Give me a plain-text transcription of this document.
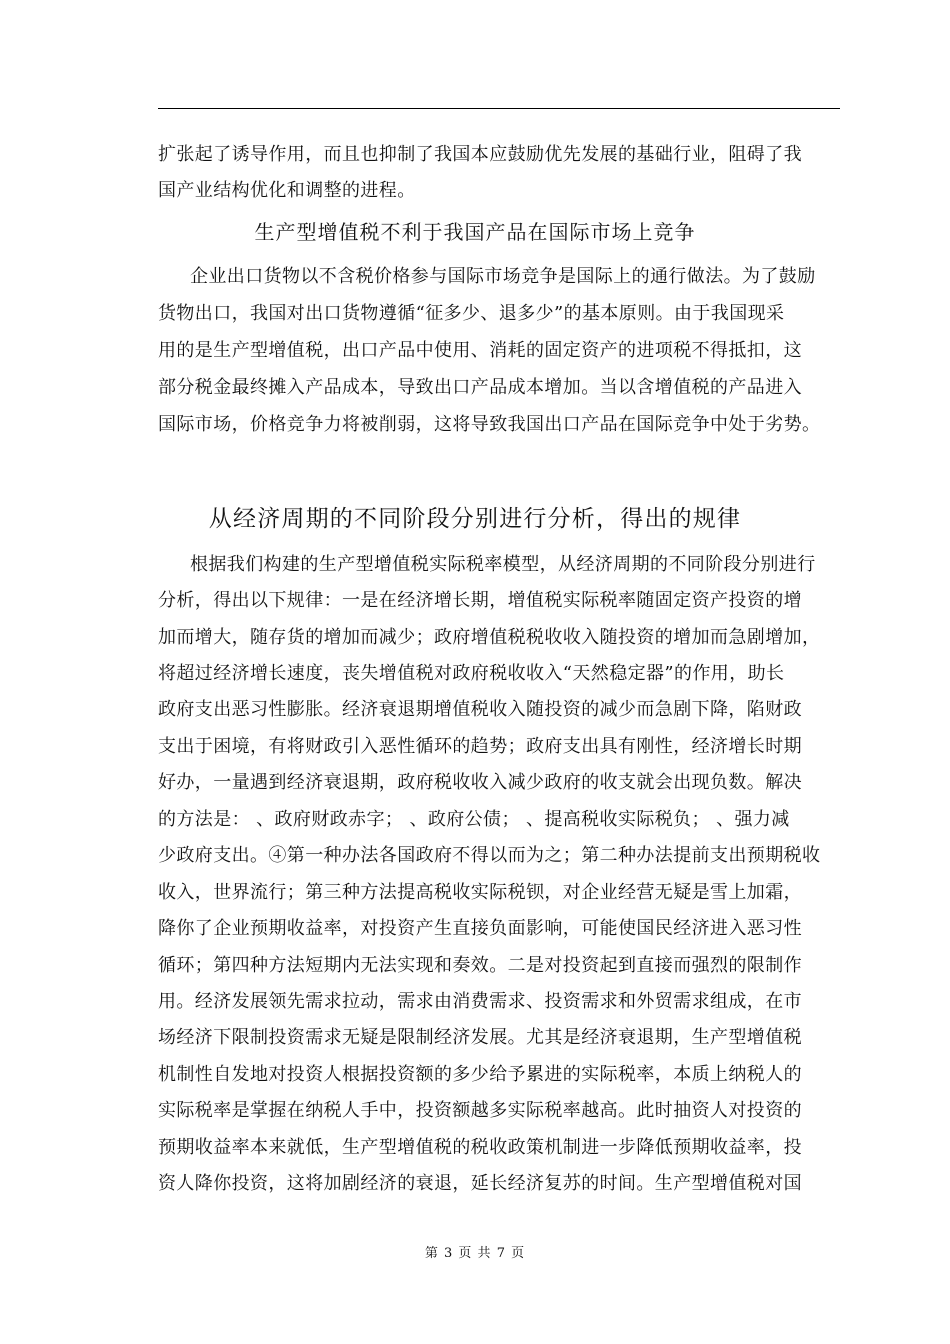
扩张起了诱导作用，而且也抑制了我国本应鼓励优先发展的基础行业，阻碍了我
国产业结构优化和调整的进程。
生产型增值税不利于我国产品在国际市场上竞争
企业出口货物以不含税价格参与国际市场竞争是国际上的通行做法。为了鼓励
货物出口，我国对出口货物遵循“征多少、退多少”的基本原则。由于我国现采
用的是生产型增值税，出口产品中使用、消耗的固定资产的进项税不得抵扣，这
部分税金最终摊入产品成本，导致出口产品成本增加。当以含增值税的产品进入
国际市场，价格竞争力将被削弱，这将导致我国出口产品在国际竞争中处于劣势。
从经济周期的不同阶段分别进行分析，得出的规律
根据我们构建的生产型增值税实际税率模型，从经济周期的不同阶段分别进行
分析，得出以下规律：一是在经济增长期，增值税实际税率随固定资产投资的增
加而增大，随存货的增加而减少；政府增值税税收收入随投资的增加而急剧增加，
将超过经济增长速度，丧失增值税对政府税收收入“天然稳定器”的作用，助长
政府支出恶习性膨胀。经济衰退期增值税收入随投资的减少而急剧下降，陷财政
支出于困境，有将财政引入恶性循环的趋势；政府支出具有刚性，经济增长时期
好办，一量遇到经济衰退期，政府税收收入减少政府的收支就会出现负数。解决
的方法是： 、政府财政赤字； 、政府公债； 、提高税收实际税负； 、强力减
少政府支出。④第一种办法各国政府不得以而为之；第二种办法提前支出预期税收
收入，世界流行；第三种方法提高税收实际税钡，对企业经营无疑是雪上加霜，
降你了企业预期收益率，对投资产生直接负面影响，可能使国民经济进入恶习性
循环；第四种方法短期内无法实现和奏效。二是对投资起到直接而强烈的限制作
用。经济发展领先需求拉动，需求由消费需求、投资需求和外贸需求组成，在市
场经济下限制投资需求无疑是限制经济发展。尤其是经济衰退期，生产型增值税
机制性自发地对投资人根据投资额的多少给予累进的实际税率，本质上纳税人的
实际税率是掌握在纳税人手中，投资额越多实际税率越高。此时抽资人对投资的
预期收益率本来就低，生产型增值税的税收政策机制进一步降低预期收益率，投
资人降你投资，这将加剧经济的衰退，延长经济复苏的时间。生产型增值税对国
第 3 页 共 7 页
